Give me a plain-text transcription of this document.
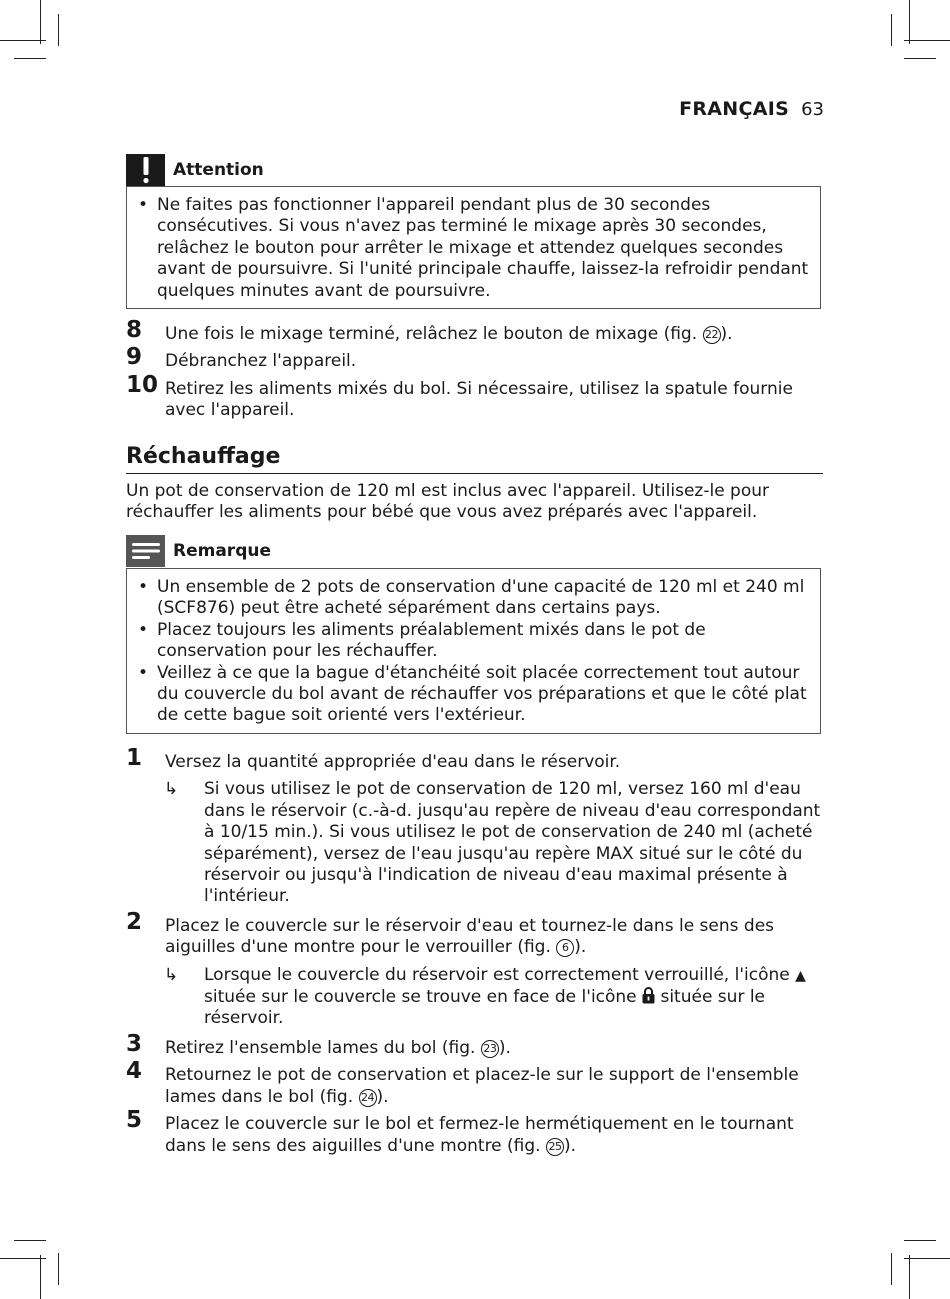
FRANÇAIS 63
Attention
• Ne faites pas fonctionner l'appareil pendant plus de 30 secondes consécutives. Si vous n'avez pas terminé le mixage après 30 secondes, relâchez le bouton pour arrêter le mixage et attendez quelques secondes avant de poursuivre. Si l'unité principale chauffe, laissez-la refroidir pendant quelques minutes avant de poursuivre.
8 Une fois le mixage terminé, relâchez le bouton de mixage (fig. 22 ).
9 Débranchez l'appareil.
10 Retirez les aliments mixés du bol. Si nécessaire, utilisez la spatule fournie avec l'appareil.
Réchauffage
Un pot de conservation de 120 ml est inclus avec l'appareil. Utilisez-le pour réchauffer les aliments pour bébé que vous avez préparés avec l'appareil.
Remarque
• Un ensemble de 2 pots de conservation d'une capacité de 120 ml et 240 ml (SCF876) peut être acheté séparément dans certains pays.
• Placez toujours les aliments préalablement mixés dans le pot de conservation pour les réchauffer.
• Veillez à ce que la bague d'étanchéité soit placée correctement tout autour du couvercle du bol avant de réchauffer vos préparations et que le côté plat de cette bague soit orienté vers l'extérieur.
1 Versez la quantité appropriée d'eau dans le réservoir.
↳ Si vous utilisez le pot de conservation de 120 ml, versez 160 ml d'eau dans le réservoir (c.-à-d. jusqu'au repère de niveau d'eau correspondant à 10/15 min.). Si vous utilisez le pot de conservation de 240 ml (acheté séparément), versez de l'eau jusqu'au repère MAX situé sur le côté du réservoir ou jusqu'à l'indication de niveau d'eau maximal présente à l'intérieur.
2 Placez le couvercle sur le réservoir d'eau et tournez-le dans le sens des aiguilles d'une montre pour le verrouiller (fig. 6 ).
↳ Lorsque le couvercle du réservoir est correctement verrouillé, l'icône ▲ située sur le couvercle se trouve en face de l'icône située sur le réservoir.
3 Retirez l'ensemble lames du bol (fig. 23 ).
4 Retournez le pot de conservation et placez-le sur le support de l'ensemble lames dans le bol (fig. 24 ).
5 Placez le couvercle sur le bol et fermez-le hermétiquement en le tournant dans le sens des aiguilles d'une montre (fig. 25 ).
